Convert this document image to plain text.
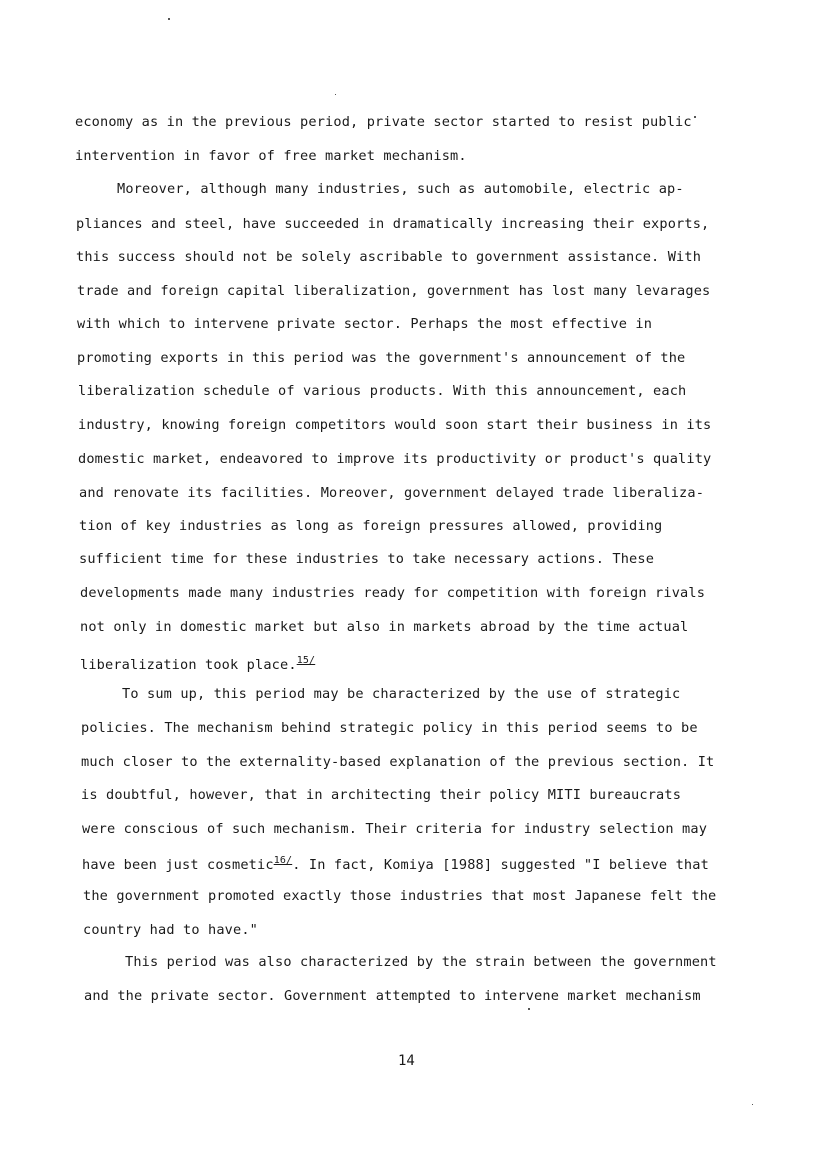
economy as in the previous period, private sector started to resist public
intervention in favor of free market mechanism.
Moreover, although many industries, such as automobile, electric ap-
pliances and steel, have succeeded in dramatically increasing their exports,
this success should not be solely ascribable to government assistance. With
trade and foreign capital liberalization, government has lost many levarages
with which to intervene private sector. Perhaps the most effective in
promoting exports in this period was the government's announcement of the
liberalization schedule of various products. With this announcement, each
industry, knowing foreign competitors would soon start their business in its
domestic market, endeavored to improve its productivity or product's quality
and renovate its facilities. Moreover, government delayed trade liberaliza-
tion of key industries as long as foreign pressures allowed, providing
sufficient time for these industries to take necessary actions. These
developments made many industries ready for competition with foreign rivals
not only in domestic market but also in markets abroad by the time actual
liberalization took place.$^{15/}$
To sum up, this period may be characterized by the use of strategic
policies. The mechanism behind strategic policy in this period seems to be
much closer to the externality-based explanation of the previous section. It
is doubtful, however, that in architecting their policy MITI bureaucrats
were conscious of such mechanism. Their criteria for industry selection may
have been just cosmetic$^{16/}$. In fact, Komiya [1988] suggested "I believe that
the government promoted exactly those industries that most Japanese felt the
country had to have."
This period was also characterized by the strain between the government
and the private sector. Government attempted to intervene market mechanism
14
